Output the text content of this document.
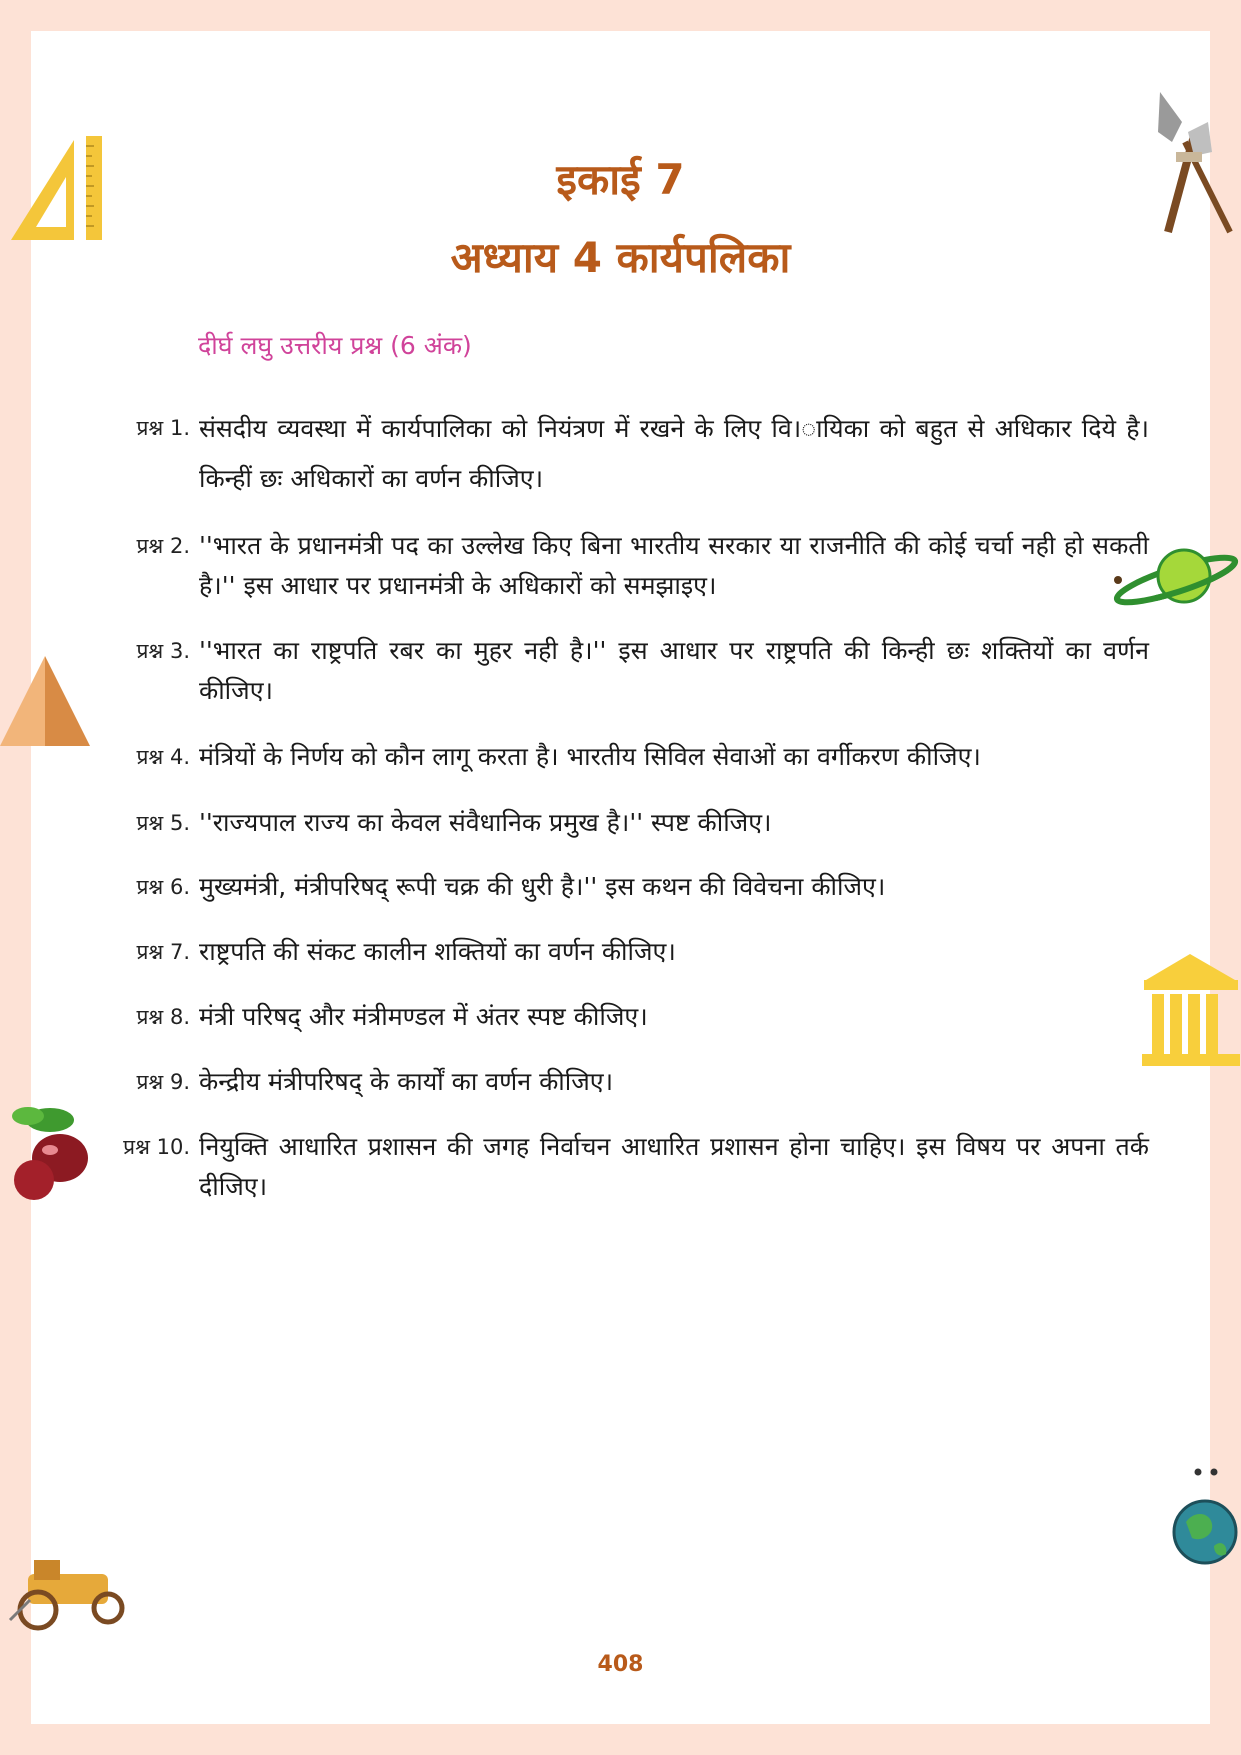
इकाई 7
अध्याय 4 कार्यपलिका
दीर्घ लघु उत्तरीय प्रश्न (6 अंक)
प्रश्न 1. संसदीय व्यवस्था में कार्यपालिका को नियंत्रण में रखने के लिए वि।ायिका को बहुत से अधिकार दिये है। किन्हीं छः अधिकारों का वर्णन कीजिए।
प्रश्न 2. ''भारत के प्रधानमंत्री पद का उल्लेख किए बिना भारतीय सरकार या राजनीति की कोई चर्चा नही हो सकती है।'' इस आधार पर प्रधानमंत्री के अधिकारों को समझाइए।
प्रश्न 3. ''भारत का राष्ट्रपति रबर का मुहर नही है।'' इस आधार पर राष्ट्रपति की किन्ही छः शक्तियों का वर्णन कीजिए।
प्रश्न 4. मंत्रियों के निर्णय को कौन लागू करता है। भारतीय सिविल सेवाओं का वर्गीकरण कीजिए।
प्रश्न 5. ''राज्यपाल राज्य का केवल संवैधानिक प्रमुख है।'' स्पष्ट कीजिए।
प्रश्न 6. मुख्यमंत्री, मंत्रीपरिषद् रूपी चक्र की धुरी है।'' इस कथन की विवेचना कीजिए।
प्रश्न 7. राष्ट्रपति की संकट कालीन शक्तियों का वर्णन कीजिए।
प्रश्न 8. मंत्री परिषद् और मंत्रीमण्डल में अंतर स्पष्ट कीजिए।
प्रश्न 9. केन्द्रीय मंत्रीपरिषद् के कार्यों का वर्णन कीजिए।
प्रश्न 10. नियुक्ति आधारित प्रशासन की जगह निर्वाचन आधारित प्रशासन होना चाहिए। इस विषय पर अपना तर्क दीजिए।
408
